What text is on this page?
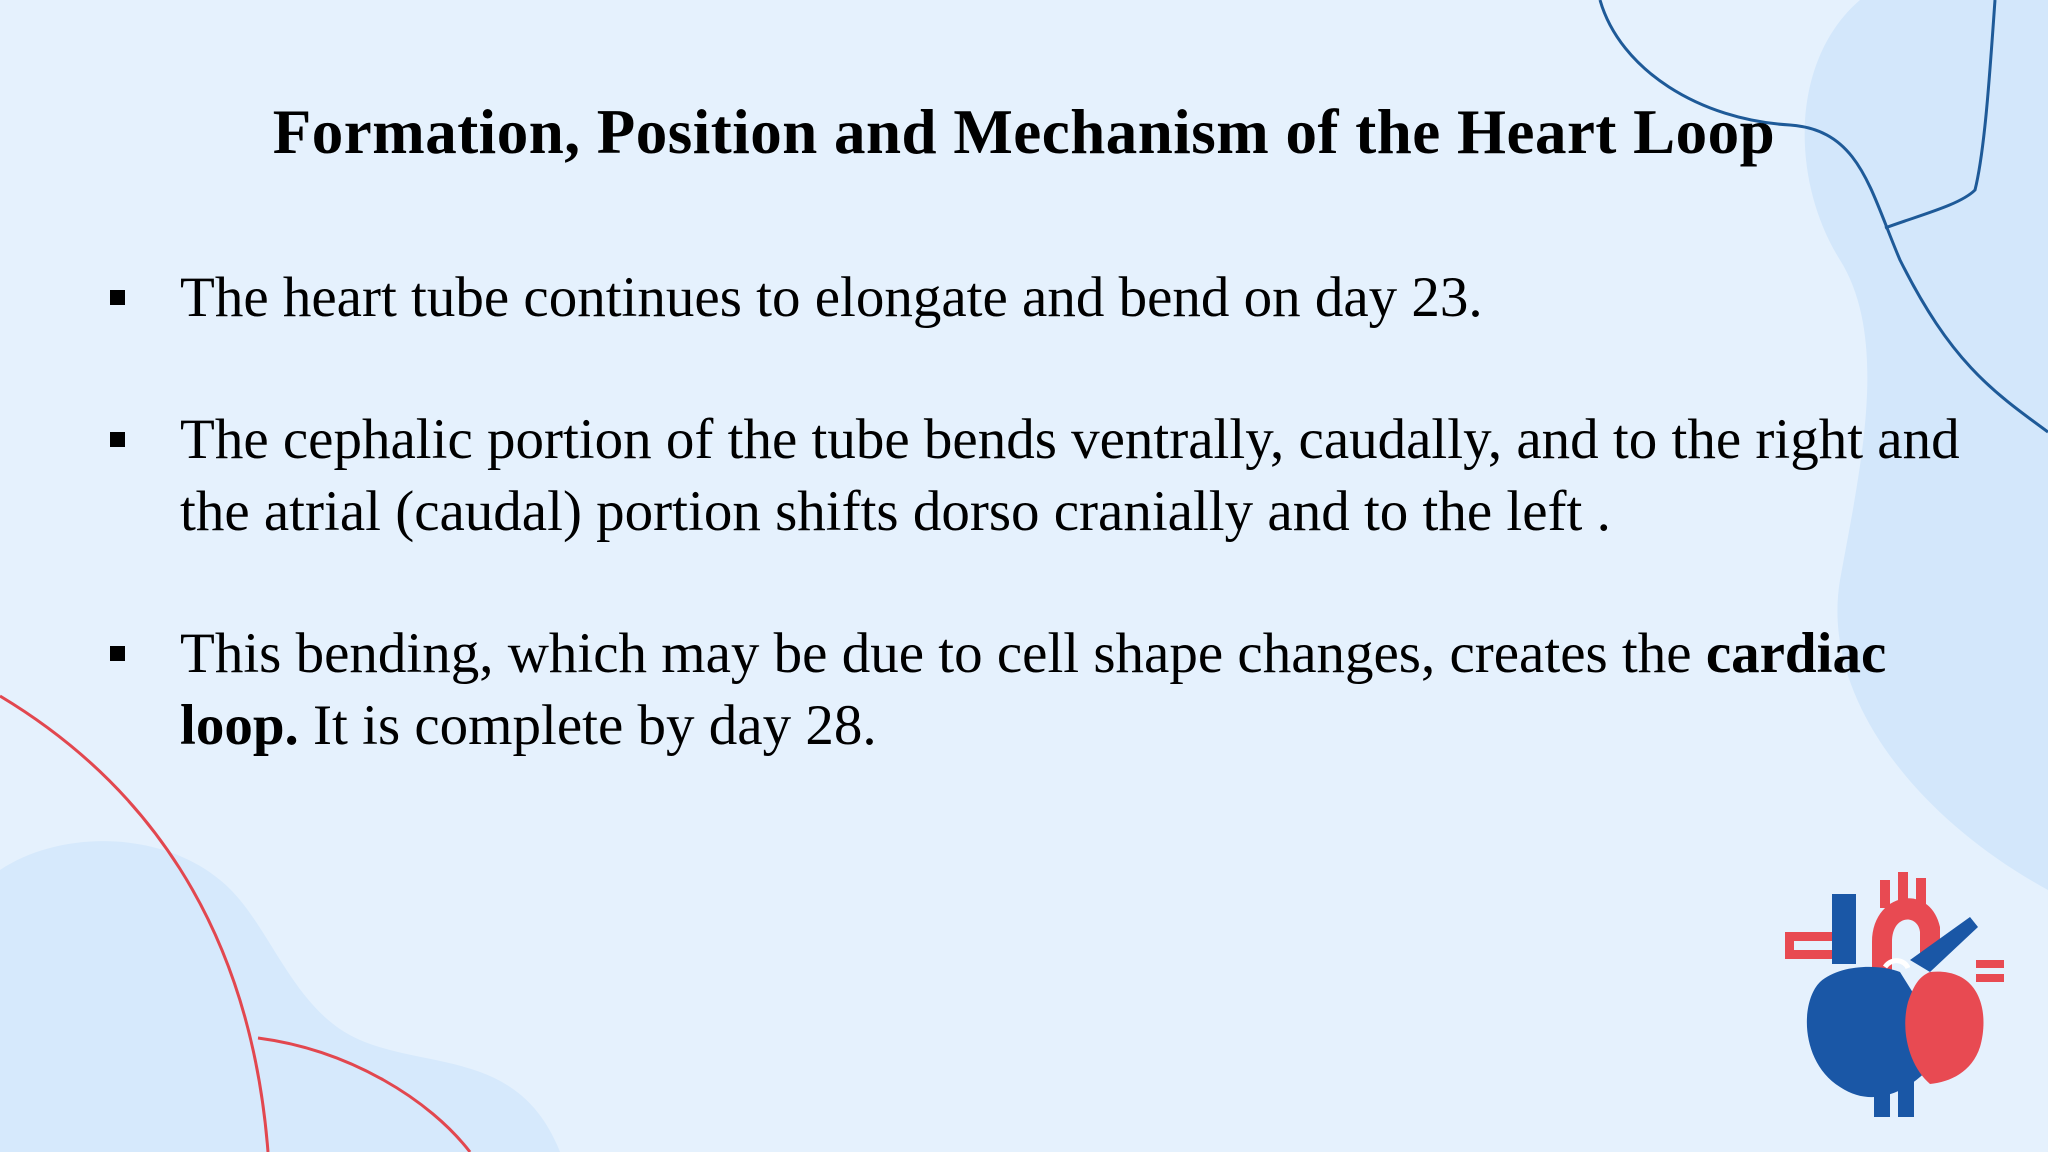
Formation, Position and Mechanism of the Heart Loop
The heart tube continues to elongate and bend on day 23.
The cephalic portion of the tube bends ventrally, caudally, and to the right and the atrial (caudal) portion shifts dorso cranially and to the left .
This bending, which may be due to cell shape changes, creates the cardiac loop. It is complete by day 28.
